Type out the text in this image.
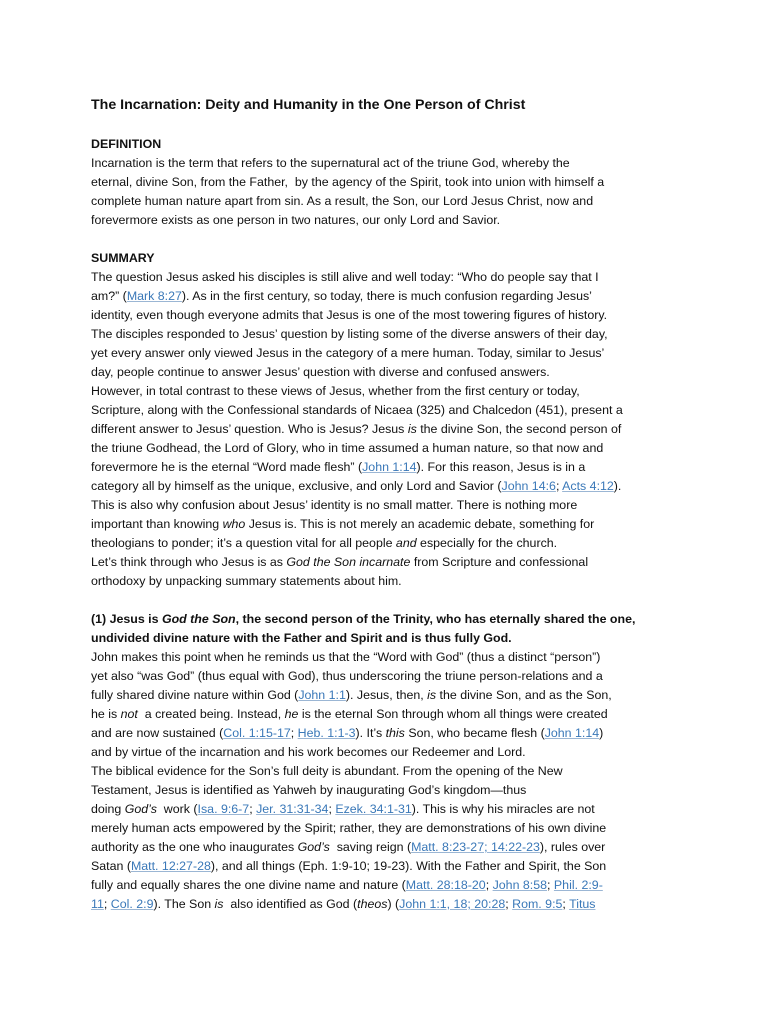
The Incarnation: Deity and Humanity in the One Person of Christ
DEFINITION
Incarnation is the term that refers to the supernatural act of the triune God, whereby the
eternal, divine Son, from the Father,  by the agency of the Spirit, took into union with himself a
complete human nature apart from sin. As a result, the Son, our Lord Jesus Christ, now and
forevermore exists as one person in two natures, our only Lord and Savior.
SUMMARY
The question Jesus asked his disciples is still alive and well today: “Who do people say that I
am?” (Mark 8:27). As in the first century, so today, there is much confusion regarding Jesus’
identity, even though everyone admits that Jesus is one of the most towering figures of history.
The disciples responded to Jesus’ question by listing some of the diverse answers of their day,
yet every answer only viewed Jesus in the category of a mere human. Today, similar to Jesus’
day, people continue to answer Jesus’ question with diverse and confused answers.
However, in total contrast to these views of Jesus, whether from the first century or today,
Scripture, along with the Confessional standards of Nicaea (325) and Chalcedon (451), present a
different answer to Jesus’ question. Who is Jesus? Jesus is the divine Son, the second person of
the triune Godhead, the Lord of Glory, who in time assumed a human nature, so that now and
forevermore he is the eternal “Word made flesh” (John 1:14). For this reason, Jesus is in a
category all by himself as the unique, exclusive, and only Lord and Savior (John 14:6; Acts 4:12).
This is also why confusion about Jesus’ identity is no small matter. There is nothing more
important than knowing who Jesus is. This is not merely an academic debate, something for
theologians to ponder; it’s a question vital for all people and especially for the church.
Let’s think through who Jesus is as God the Son incarnate from Scripture and confessional
orthodoxy by unpacking summary statements about him.
(1) Jesus is God the Son, the second person of the Trinity, who has eternally shared the one,
undivided divine nature with the Father and Spirit and is thus fully God.
John makes this point when he reminds us that the “Word with God” (thus a distinct “person”)
yet also “was God” (thus equal with God), thus underscoring the triune person-relations and a
fully shared divine nature within God (John 1:1). Jesus, then, is the divine Son, and as the Son,
he is not  a created being. Instead, he is the eternal Son through whom all things were created
and are now sustained (Col. 1:15-17; Heb. 1:1-3). It’s this Son, who became flesh (John 1:14)
and by virtue of the incarnation and his work becomes our Redeemer and Lord.
The biblical evidence for the Son’s full deity is abundant. From the opening of the New
Testament, Jesus is identified as Yahweh by inaugurating God’s kingdom—thus
doing God’s  work (Isa. 9:6-7; Jer. 31:31-34; Ezek. 34:1-31). This is why his miracles are not
merely human acts empowered by the Spirit; rather, they are demonstrations of his own divine
authority as the one who inaugurates God’s  saving reign (Matt. 8:23-27; 14:22-23), rules over
Satan (Matt. 12:27-28), and all things (Eph. 1:9-10; 19-23). With the Father and Spirit, the Son
fully and equally shares the one divine name and nature (Matt. 28:18-20; John 8:58; Phil. 2:9-
11; Col. 2:9). The Son is  also identified as God (theos) (John 1:1, 18; 20:28; Rom. 9:5; Titus
